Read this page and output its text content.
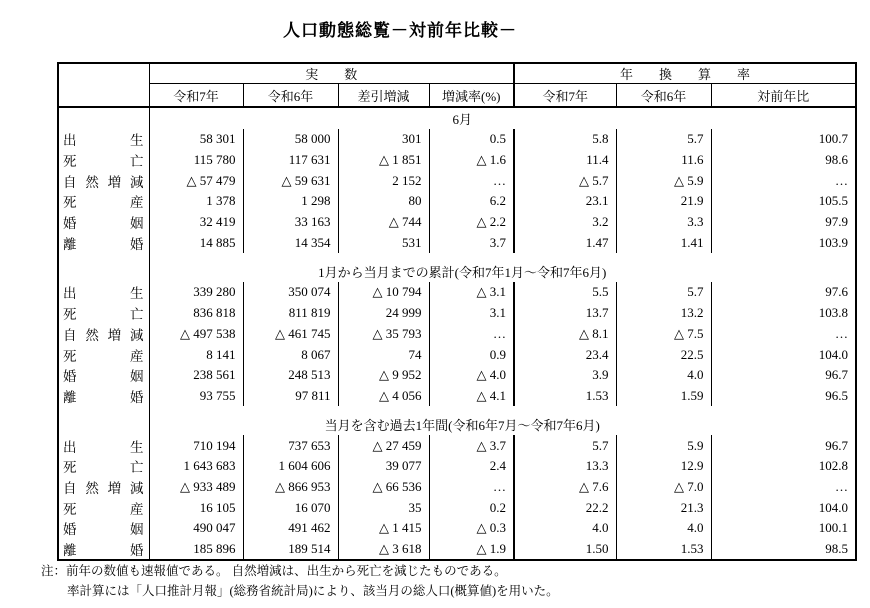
人口動態総覧－対前年比較－
	実　　数				年　　換　　算　　率		
	令和7年	令和6年	差引増減	増減率(%)	令和7年	令和6年	対前年比
	6月						

出 生	58 301	58 000	301	0.5	5.8	5.7	100.7

死 亡	115 780	117 631	△ 1 851	△ 1.6	11.4	11.6	98.6

自 然 増 減	△ 57 479	△ 59 631	2 152	…	△ 5.7	△ 5.9	…

死 産	1 378	1 298	80	6.2	23.1	21.9	105.5

婚 姻	32 419	33 163	△ 744	△ 2.2	3.2	3.3	97.9

離 婚	14 885	14 354	531	3.7	1.47	1.41	103.9

	1月から当月までの累計(令和7年1月～令和7年6月)						

出 生	339 280	350 074	△ 10 794	△ 3.1	5.5	5.7	97.6

死 亡	836 818	811 819	24 999	3.1	13.7	13.2	103.8

自 然 増 減	△ 497 538	△ 461 745	△ 35 793	…	△ 8.1	△ 7.5	…

死 産	8 141	8 067	74	0.9	23.4	22.5	104.0

婚 姻	238 561	248 513	△ 9 952	△ 4.0	3.9	4.0	96.7

離 婚	93 755	97 811	△ 4 056	△ 4.1	1.53	1.59	96.5

	当月を含む過去1年間(令和6年7月～令和7年6月)						

出 生	710 194	737 653	△ 27 459	△ 3.7	5.7	5.9	96.7

死 亡	1 643 683	1 604 606	39 077	2.4	13.3	12.9	102.8

自 然 増 減	△ 933 489	△ 866 953	△ 66 536	…	△ 7.6	△ 7.0	…

死 産	16 105	16 070	35	0.2	22.2	21.3	104.0

婚 姻	490 047	491 462	△ 1 415	△ 0.3	4.0	4.0	100.1

離 婚	185 896	189 514	△ 3 618	△ 1.9	1.50	1.53	98.5
注：前年の数値も速報値である。 自然増減は、出生から死亡を減じたものである。
率計算には「人口推計月報」(総務省統計局)により、該当月の総人口(概算値)を用いた。
